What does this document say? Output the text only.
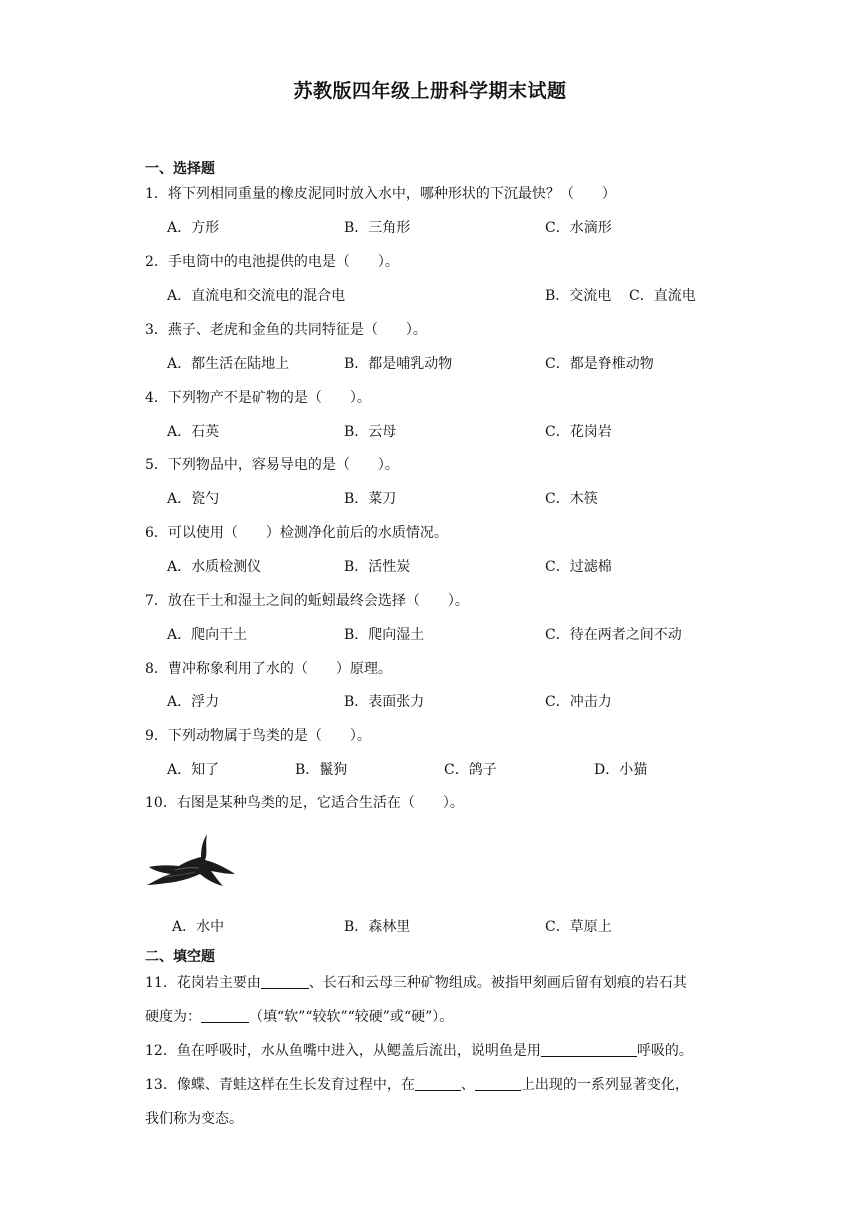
苏教版四年级上册科学期末试题
一、选择题
1．将下列相同重量的橡皮泥同时放入水中，哪种形状的下沉最快？（　　）
A．方形	B．三角形	C．水滴形
2．手电筒中的电池提供的电是（　　）。
A．直流电和交流电的混合电	B．交流电 C．直流电
3．燕子、老虎和金鱼的共同特征是（　　）。
A．都生活在陆地上	B．都是哺乳动物	C．都是脊椎动物
4．下列物产不是矿物的是（　　）。
A．石英	B．云母	C．花岗岩
5．下列物品中，容易导电的是（　　）。
A．瓷勺	B．菜刀	C．木筷
6．可以使用（　　）检测净化前后的水质情况。
A．水质检测仪	B．活性炭	C．过滤棉
7．放在干土和湿土之间的蚯蚓最终会选择（　　）。
A．爬向干土	B．爬向湿土	C．待在两者之间不动
8．曹冲称象利用了水的（　　）原理。
A．浮力	B．表面张力	C．冲击力
9．下列动物属于鸟类的是（　　）。
A．知了	B．鬣狗	C．鸽子	D．小猫
10．右图是某种鸟类的足，它适合生活在（　　）。
A．水中	B．森林里	C．草原上
二、填空题
11．花岗岩主要由	、长石和云母三种矿物组成。被指甲刻画后留有划痕的岩石其
硬度为：	（填“软”“较软”“较硬”或“硬”）。
12．鱼在呼吸时，水从鱼嘴中进入，从鳃盖后流出，说明鱼是用	呼吸的。
13．像蝶、青蛙这样在生长发育过程中，在	、	上出现的一系列显著变化，
我们称为变态。
